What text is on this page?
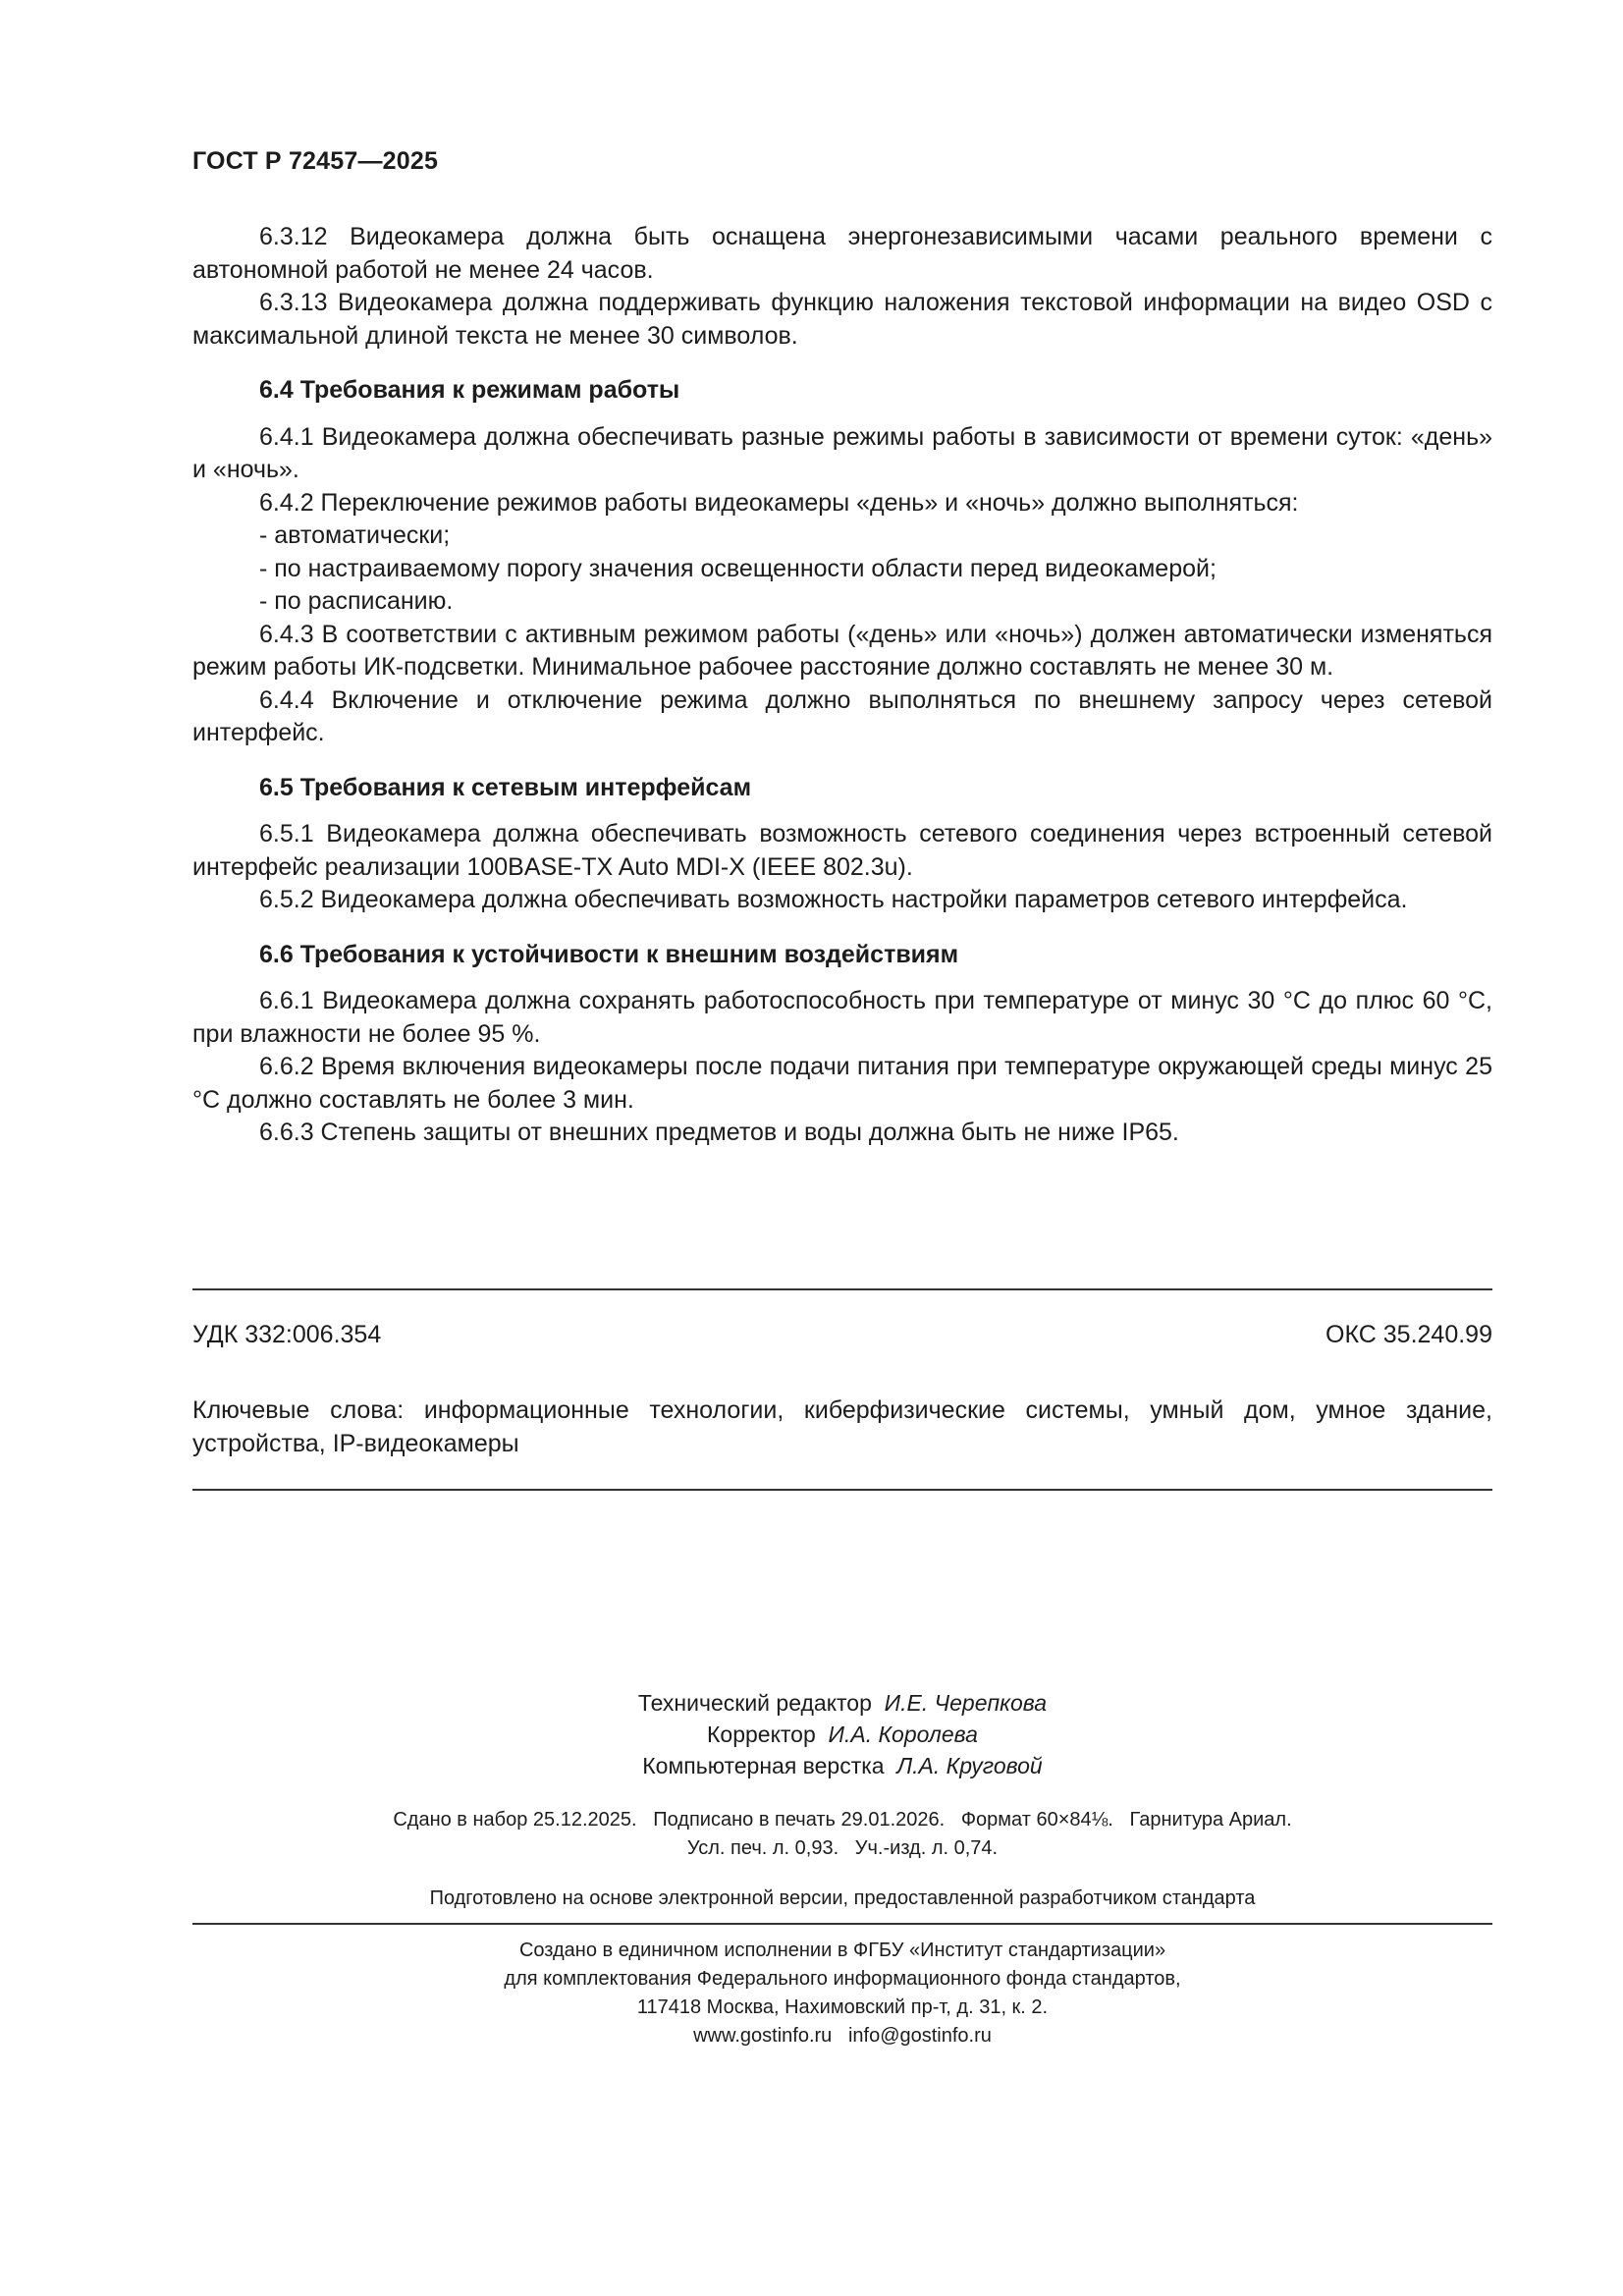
ГОСТ Р 72457—2025

6.3.12 Видеокамера должна быть оснащена энергонезависимыми часами реального времени с автономной работой не менее 24 часов.

6.3.13 Видеокамера должна поддерживать функцию наложения текстовой информации на видео OSD с максимальной длиной текста не менее 30 символов.

6.4 Требования к режимам работы

6.4.1 Видеокамера должна обеспечивать разные режимы работы в зависимости от времени суток: «день» и «ночь».

6.4.2 Переключение режимов работы видеокамеры «день» и «ночь» должно выполняться:

- автоматически;

- по настраиваемому порогу значения освещенности области перед видеокамерой;

- по расписанию.

6.4.3 В соответствии с активным режимом работы («день» или «ночь») должен автоматически изменяться режим работы ИК-подсветки. Минимальное рабочее расстояние должно составлять не менее 30 м.

6.4.4 Включение и отключение режима должно выполняться по внешнему запросу через сетевой интерфейс.

6.5 Требования к сетевым интерфейсам

6.5.1 Видеокамера должна обеспечивать возможность сетевого соединения через встроенный сетевой интерфейс реализации 100BASE-TX Auto MDI-X (IEEE 802.3u).

6.5.2 Видеокамера должна обеспечивать возможность настройки параметров сетевого интерфейса.

6.6 Требования к устойчивости к внешним воздействиям

6.6.1 Видеокамера должна сохранять работоспособность при температуре от минус 30 °С до плюс 60 °С, при влажности не более 95 %.

6.6.2 Время включения видеокамеры после подачи питания при температуре окружающей среды минус 25 °С должно составлять не более 3 мин.

6.6.3 Степень защиты от внешних предметов и воды должна быть не ниже IP65.

УДК 332:006.354	ОКС 35.240.99
Ключевые слова: информационные технологии, киберфизические системы, умный дом, умное здание, устройства, IP-видеокамеры
Технический редактор И.Е. Черепкова
Корректор И.А. Королева
Компьютерная верстка Л.А. Круговой
Сдано в набор 25.12.2025.   Подписано в печать 29.01.2026.   Формат 60×84⅛.   Гарнитура Ариал.
Усл. печ. л. 0,93.   Уч.-изд. л. 0,74.
Подготовлено на основе электронной версии, предоставленной разработчиком стандарта
Создано в единичном исполнении в ФГБУ «Институт стандартизации»
для комплектования Федерального информационного фонда стандартов,
117418 Москва, Нахимовский пр-т, д. 31, к. 2.
www.gostinfo.ru   info@gostinfo.ru
